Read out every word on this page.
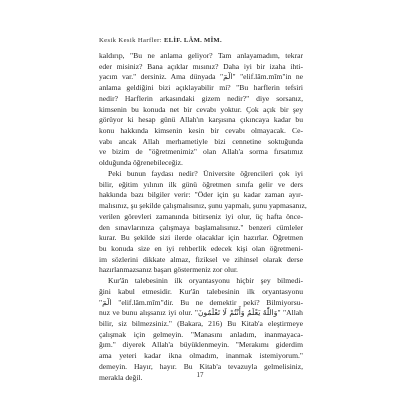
Kesik Kesik Harfler: ELİF. LÂM. MÎM.

kaldırıp, "Bu ne anlama geliyor? Tam anlayamadım, tekrar
eder misiniz? Bana açıklar mısınız? Daha iyi bir izaha ihti-
yacım var." dersiniz. Ama dünyada "الٓمٓ" "elif.lâm.mîm"in ne
anlama geldiğini bizi açıklayabilir mi? "Bu harflerin tefsiri
nedir? Harflerin arkasındaki gizem nedir?" diye sorsanız,
kimsenin bu konuda net bir cevabı yoktur. Çok açık bir şey
görüyor ki hesap günü Allah'ın karşısına çıkıncaya kadar bu
konu hakkında kimsenin kesin bir cevabı olmayacak. Ce-
vabı ancak Allah merhametiyle bizi cennetine soktuğunda
ve bizim de "öğretmenimiz" olan Allah'a sorma fırsatımız
olduğunda öğrenebileceğiz.

Peki bunun faydası nedir? Üniversite öğrencileri çok iyi
bilir, eğitim yılının ilk günü öğretmen sınıfa gelir ve ders
hakkında bazı bilgiler verir: "Öder için şu kadar zaman ayır-
malısınız, şu şekilde çalışmalısınız, şunu yapmalı, şunu yapmasanız,
verilen görevleri zamanında bitirseniz iyi olur, üç hafta önce-
den sınavlarınıza çalışmaya başlamalısınız." benzeri cümleler
kurar. Bu şekilde sizi ilerde olacaklar için hazırlar. Öğretmen
bu konuda size en iyi rehberlik edecek kişi olan öğretmeni-
im sözlerini dikkate almaz, fiziksel ve zihinsel olarak derse
hazırlanmazsanız başarı göstermeniz zor olur.

Kur'ân talebesinin ilk oryantasyonu hiçbir şey bilmedi-
ğini kabul etmesidir. Kur'ân talebesinin ilk oryantasyonu
"الٓمٓ "elif.lâm.mîm"dir. Bu ne demektir peki? Bilmiyorsu-
nuz ve bunu alışsanız iyi olur. "وَاللّٰهُ يَعْلَمُ وَأَنْتُمْ لَا تَعْلَمُونَ" "Allah
bilir, siz bilmezsiniz." (Bakara, 216) Bu Kitab'a eleştirmeye
çalışmak için gelmeyin. "Manasını anladım, inanmayaca-
ğım." diyerek Allah'a büyüklenmeyin. "Merakımı giderdim
ama yeteri kadar ikna olmadım, inanmak istemiyorum."
demeyin. Hayır, hayır. Bu Kitab'a tevazuyla gelmelisiniz,
merakla değil.	17
